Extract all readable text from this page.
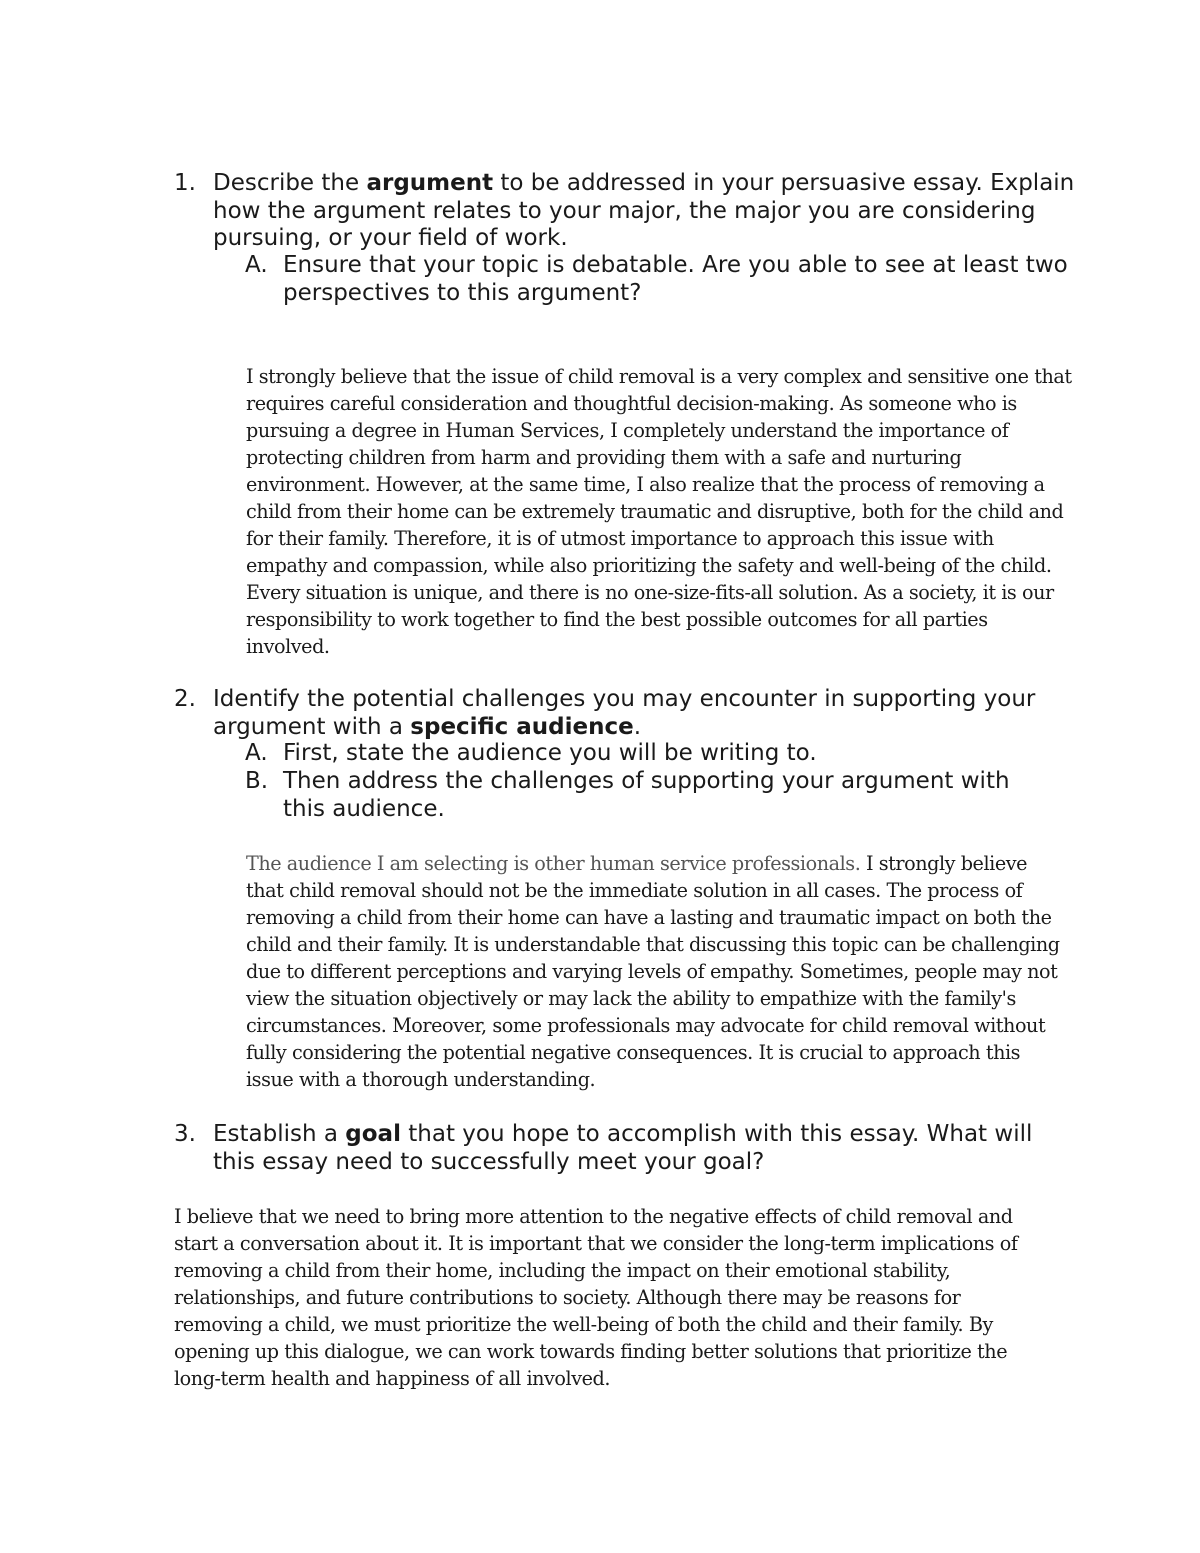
1. Describe the argument to be addressed in your persuasive essay. Explain how the argument relates to your major, the major you are considering pursuing, or your field of work.
A. Ensure that your topic is debatable. Are you able to see at least two perspectives to this argument?

I strongly believe that the issue of child removal is a very complex and sensitive one that requires careful consideration and thoughtful decision-making. As someone who is pursuing a degree in Human Services, I completely understand the importance of protecting children from harm and providing them with a safe and nurturing environment. However, at the same time, I also realize that the process of removing a child from their home can be extremely traumatic and disruptive, both for the child and for their family. Therefore, it is of utmost importance to approach this issue with empathy and compassion, while also prioritizing the safety and well-being of the child. Every situation is unique, and there is no one-size-fits-all solution. As a society, it is our responsibility to work together to find the best possible outcomes for all parties involved.

2. Identify the potential challenges you may encounter in supporting your argument with a specific audience.
A. First, state the audience you will be writing to.
B. Then address the challenges of supporting your argument with this audience.

The audience I am selecting is other human service professionals. I strongly believe that child removal should not be the immediate solution in all cases. The process of removing a child from their home can have a lasting and traumatic impact on both the child and their family. It is understandable that discussing this topic can be challenging due to different perceptions and varying levels of empathy. Sometimes, people may not view the situation objectively or may lack the ability to empathize with the family's circumstances. Moreover, some professionals may advocate for child removal without fully considering the potential negative consequences. It is crucial to approach this issue with a thorough understanding.

3. Establish a goal that you hope to accomplish with this essay. What will this essay need to successfully meet your goal?

I believe that we need to bring more attention to the negative effects of child removal and start a conversation about it. It is important that we consider the long-term implications of removing a child from their home, including the impact on their emotional stability, relationships, and future contributions to society. Although there may be reasons for removing a child, we must prioritize the well-being of both the child and their family. By opening up this dialogue, we can work towards finding better solutions that prioritize the long-term health and happiness of all involved.
